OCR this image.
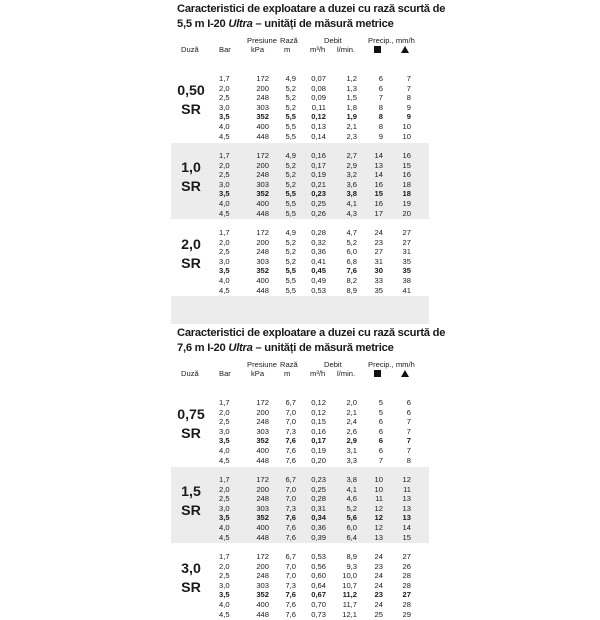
Caracteristici de exploatare a duzei cu rază scurtă de
5,5 m I-20 Ultra – unități de măsură metrice
Presiune Rază	Debit	Precip., mm/h
Duză	Bar	kPa	m	m³/h l/min.
0,50
SR
1,7	172	4,9	0,07	1,2	6	7
2,0	200	5,2	0,08	1,3	6	7
2,5	248	5,2	0,09	1,5	7	8
3,0	303	5,2	0,11	1,8	8	9
3,5	352	5,5	0,12	1,9	8	9
4,0	400	5,5	0,13	2,1	8	10
4,5	448	5,5	0,14	2,3	9	10
1,0
SR
1,7	172	4,9	0,16	2,7	14	16
2,0	200	5,2	0,17	2,9	13	15
2,5	248	5,2	0,19	3,2	14	16
3,0	303	5,2	0,21	3,6	16	18
3,5	352	5,5	0,23	3,8	15	18
4,0	400	5,5	0,25	4,1	16	19
4,5	448	5,5	0,26	4,3	17	20
2,0
SR
1,7	172	4,9	0,28	4,7	24	27
2,0	200	5,2	0,32	5,2	23	27
2,5	248	5,2	0,36	6,0	27	31
3,0	303	5,2	0,41	6,8	31	35
3,5	352	5,5	0,45	7,6	30	35
4,0	400	5,5	0,49	8,2	33	38
4,5	448	5,5	0,53	8,9	35	41
Caracteristici de exploatare a duzei cu rază scurtă de
7,6 m I-20 Ultra – unități de măsură metrice
Presiune Rază	Debit	Precip., mm/h
Duză	Bar	kPa	m	m³/h l/min.
0,75
SR
1,7	172	6,7	0,12	2,0	5	6
2,0	200	7,0	0,12	2,1	5	6
2,5	248	7,0	0,15	2,4	6	7
3,0	303	7,3	0,16	2,6	6	7
3,5	352	7,6	0,17	2,9	6	7
4,0	400	7,6	0,19	3,1	6	7
4,5	448	7,6	0,20	3,3	7	8
1,5
SR
1,7	172	6,7	0,23	3,8	10	12
2,0	200	7,0	0,25	4,1	10	11
2,5	248	7,0	0,28	4,6	11	13
3,0	303	7,3	0,31	5,2	12	13
3,5	352	7,6	0,34	5,6	12	13
4,0	400	7,6	0,36	6,0	12	14
4,5	448	7,6	0,39	6,4	13	15
3,0
SR
1,7	172	6,7	0,53	8,9	24	27
2,0	200	7,0	0,56	9,3	23	26
2,5	248	7,0	0,60	10,0	24	28
3,0	303	7,3	0,64	10,7	24	28
3,5	352	7,6	0,67	11,2	23	27
4,0	400	7,6	0,70	11,7	24	28
4,5	448	7,6	0,73	12,1	25	29
